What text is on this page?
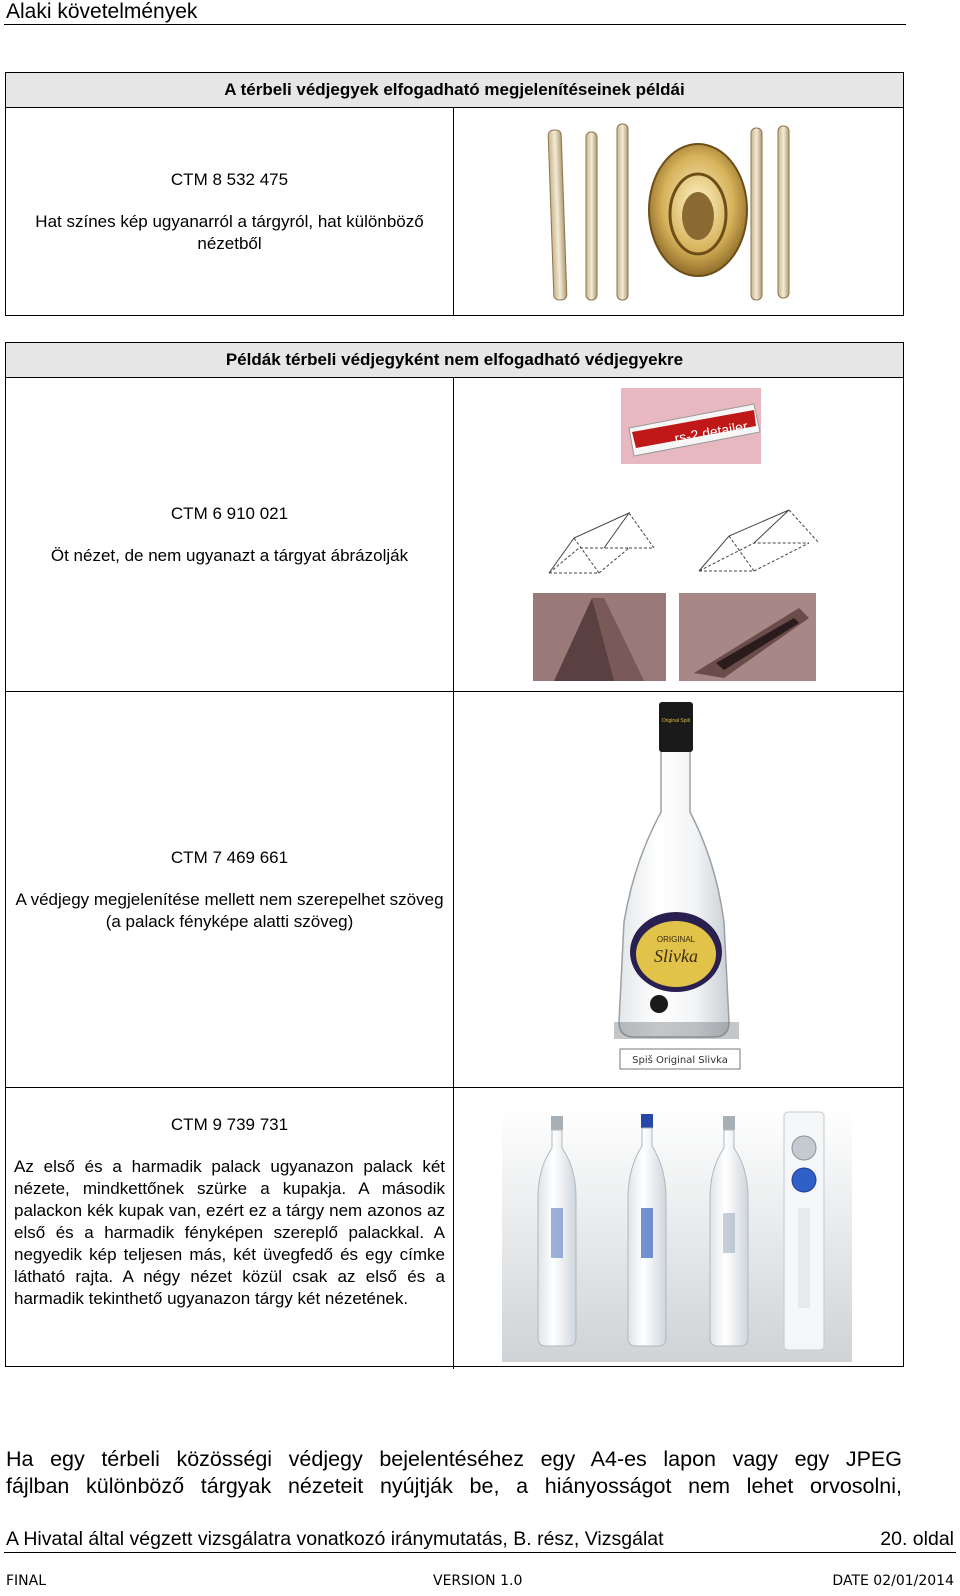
Alaki követelmények
A térbeli védjegyek elfogadható megjelenítéseinek példái

CTM 8 532 475

Hat színes kép ugyanarról a tárgyról, hat különböző nézetből

Példák térbeli védjegyként nem elfogadható védjegyekre

CTM 6 910 021

Öt nézet, de nem ugyanazt a tárgyat ábrázolják

rs-2 detailer

CTM 7 469 661

A védjegy megjelenítése mellett nem szerepelhet szöveg (a palack fényképe alatti szöveg)

Original Spiš
ORIGINAL
Slivka
Spiš Original Slivka

CTM 9 739 731

Az első és a harmadik palack ugyanazon palack két nézete, mindkettőnek szürke a kupakja. A második palackon kék kupak van, ezért ez a tárgy nem azonos az első és a harmadik fényképen szereplő palackkal. A negyedik kép teljesen más, két üvegfedő és egy címke látható rajta. A négy nézet közül csak az első és a harmadik tekinthető ugyanazon tárgy két nézetének.

Ha egy térbeli közösségi védjegy bejelentéséhez egy A4-es lapon vagy egy JPEG
fájlban különböző tárgyak nézeteit nyújtják be, a hiányosságot nem lehet orvosolni,
A Hivatal által végzett vizsgálatra vonatkozó iránymutatás, B. rész, Vizsgálat	20. oldal
FINAL	VERSION 1.0	DATE 02/01/2014
